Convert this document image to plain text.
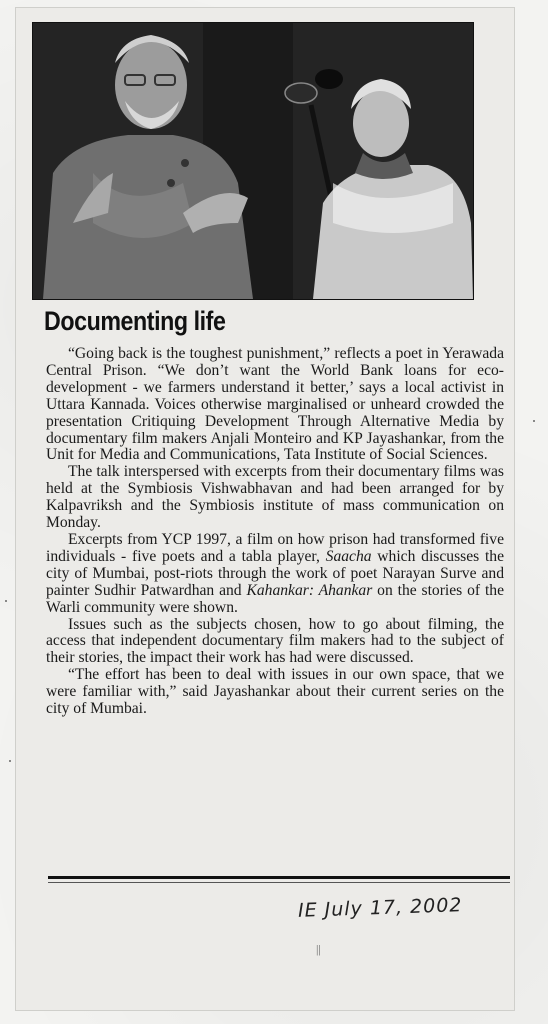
Documenting life

“Going back is the toughest punishment,” reflects a poet in Yerawada Central Prison. “We don’t want the World Bank loans for eco-development - we farmers understand it better,’ says a local activist in Uttara Kannada. Voices otherwise marginalised or unheard crowded the presentation Critiquing Development Through Alternative Media by documentary film makers Anjali Monteiro and KP Jayashankar, from the Unit for Media and Communications, Tata Institute of Social Sciences.

The talk interspersed with excerpts from their documentary films was held at the Symbiosis Vishwabhavan and had been arranged for by Kalpavriksh and the Symbiosis institute of mass communication on Monday.

Excerpts from YCP 1997, a film on how prison had transformed five individuals - five poets and a tabla player, Saacha which discusses the city of Mumbai, post-riots through the work of poet Narayan Surve and painter Sudhir Patwardhan and Kahankar: Ahankar on the stories of the Warli community were shown.

Issues such as the subjects chosen, how to go about filming, the access that independent documentary film makers had to the subject of their stories, the impact their work has had were discussed.

“The effort has been to deal with issues in our own space, that we were familiar with,” said Jayashankar about their current series on the city of Mumbai.

IE July 17, 2002
||
